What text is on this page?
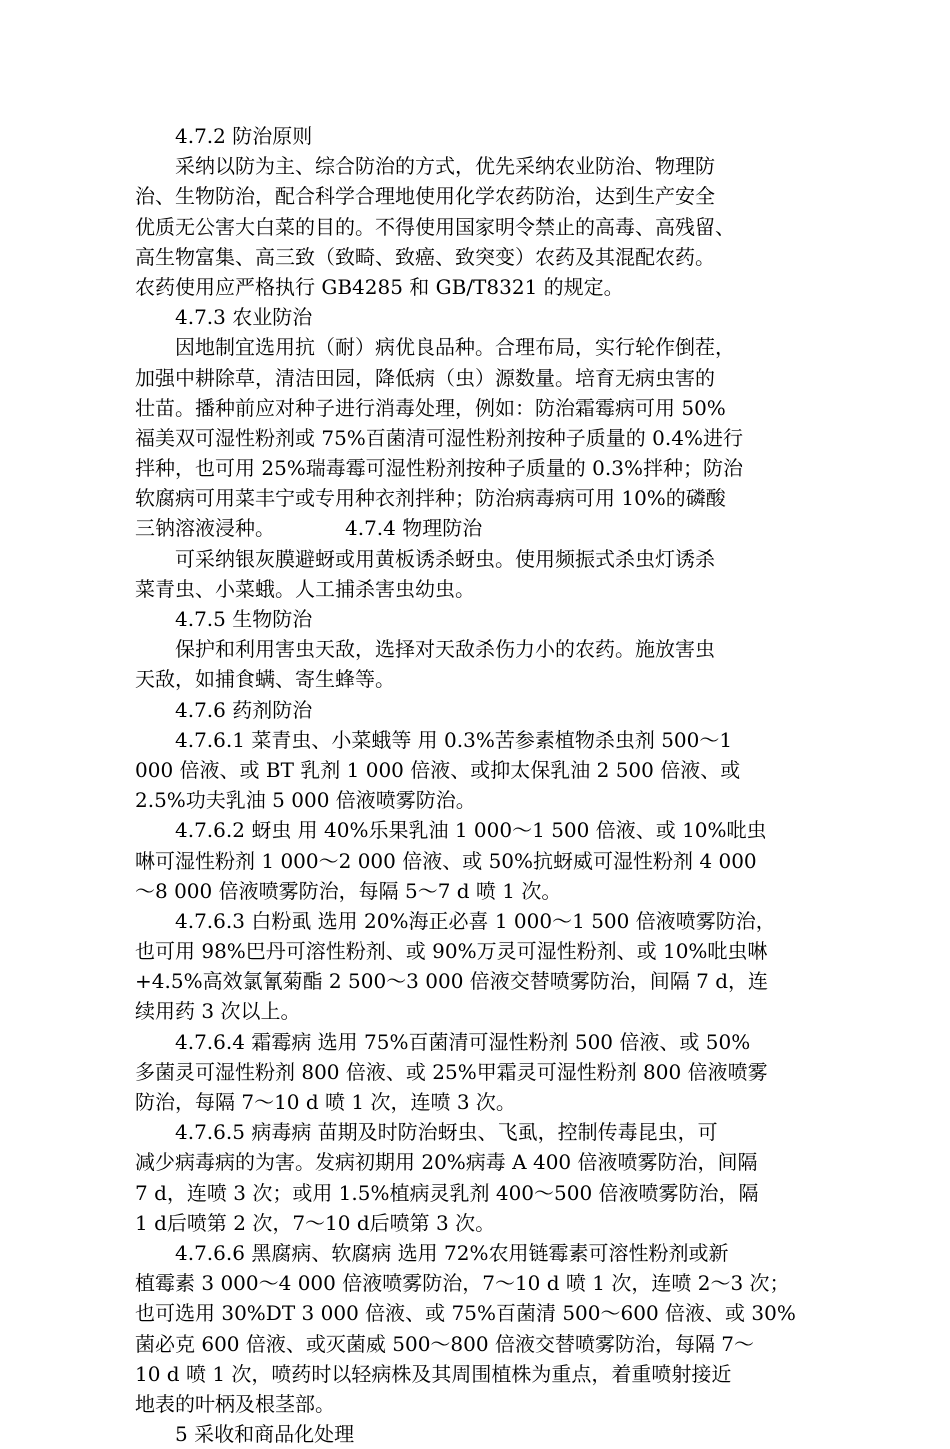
　　4.7.2 防治原则
　　采纳以防为主、综合防治的方式，优先采纳农业防治、物理防
治、生物防治，配合科学合理地使用化学农药防治，达到生产安全
优质无公害大白菜的目的。不得使用国家明令禁止的高毒、高残留、
高生物富集、高三致（致畸、致癌、致突变）农药及其混配农药。
农药使用应严格执行 GB4285 和 GB/T8321 的规定。
　　4.7.3 农业防治
　　因地制宜选用抗（耐）病优良品种。合理布局，实行轮作倒茬，
加强中耕除草，清洁田园，降低病（虫）源数量。培育无病虫害的
壮苗。播种前应对种子进行消毒处理，例如：防治霜霉病可用 50%
福美双可湿性粉剂或 75%百菌清可湿性粉剂按种子质量的 0.4%进行
拌种，也可用 25%瑞毒霉可湿性粉剂按种子质量的 0.3%拌种；防治
软腐病可用菜丰宁或专用种衣剂拌种；防治病毒病可用 10%的磷酸
三钠溶液浸种。　　　　4.7.4 物理防治
　　可采纳银灰膜避蚜或用黄板诱杀蚜虫。使用频振式杀虫灯诱杀
菜青虫、小菜蛾。人工捕杀害虫幼虫。
　　4.7.5 生物防治
　　保护和利用害虫天敌，选择对天敌杀伤力小的农药。施放害虫
天敌，如捕食螨、寄生蜂等。
　　4.7.6 药剂防治
　　4.7.6.1 菜青虫、小菜蛾等 用 0.3%苦参素植物杀虫剂 500～1
000 倍液、或 BT 乳剂 1 000 倍液、或抑太保乳油 2 500 倍液、或
2.5%功夫乳油 5 000 倍液喷雾防治。
　　4.7.6.2 蚜虫 用 40%乐果乳油 1 000～1 500 倍液、或 10%吡虫
啉可湿性粉剂 1 000～2 000 倍液、或 50%抗蚜威可湿性粉剂 4 000
～8 000 倍液喷雾防治，每隔 5～7 d 喷 1 次。
　　4.7.6.3 白粉虱 选用 20%海正必喜 1 000～1 500 倍液喷雾防治，
也可用 98%巴丹可溶性粉剂、或 90%万灵可湿性粉剂、或 10%吡虫啉
+4.5%高效氯氰菊酯 2 500～3 000 倍液交替喷雾防治，间隔 7 d，连
续用药 3 次以上。
　　4.7.6.4 霜霉病 选用 75%百菌清可湿性粉剂 500 倍液、或 50%
多菌灵可湿性粉剂 800 倍液、或 25%甲霜灵可湿性粉剂 800 倍液喷雾
防治，每隔 7～10 d 喷 1 次，连喷 3 次。
　　4.7.6.5 病毒病 苗期及时防治蚜虫、飞虱，控制传毒昆虫，可
减少病毒病的为害。发病初期用 20%病毒 A 400 倍液喷雾防治，间隔
7 d，连喷 3 次；或用 1.5%植病灵乳剂 400～500 倍液喷雾防治，隔
1 d后喷第 2 次，7～10 d后喷第 3 次。
　　4.7.6.6 黑腐病、软腐病 选用 72%农用链霉素可溶性粉剂或新
植霉素 3 000～4 000 倍液喷雾防治，7～10 d 喷 1 次，连喷 2～3 次；
也可选用 30%DT 3 000 倍液、或 75%百菌清 500～600 倍液、或 30%
菌必克 600 倍液、或灭菌威 500～800 倍液交替喷雾防治，每隔 7～
10 d 喷 1 次，喷药时以轻病株及其周围植株为重点，着重喷射接近
地表的叶柄及根茎部。
　　5 采收和商品化处理
